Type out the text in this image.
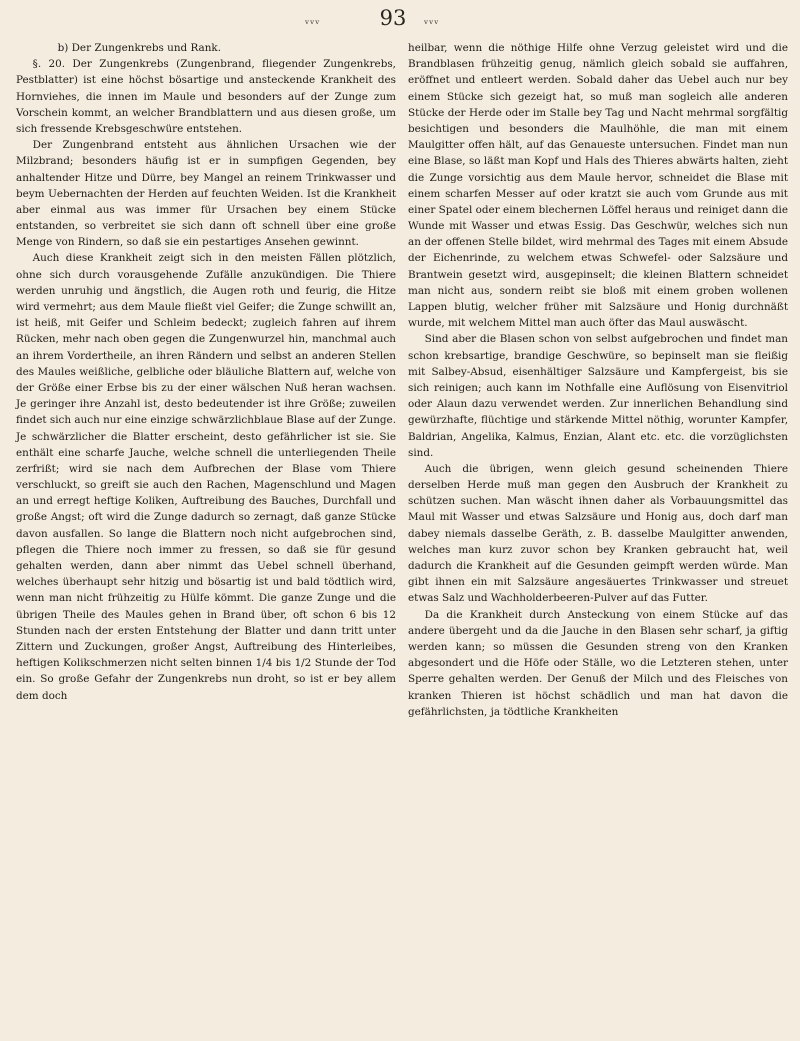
ᵥᵥᵥ	93	ᵥᵥᵥ

b) Der Zungenkrebs und Rank.

§. 20. Der Zungenkrebs (Zungenbrand, fliegender Zungenkrebs, Pestblatter) ist eine höchst bösartige und ansteckende Krankheit des Hornviehes, die innen im Maule und besonders auf der Zunge zum Vorschein kommt, an welcher Brandblattern und aus diesen große, um sich fressende Krebsgeschwüre entstehen.

Der Zungenbrand entsteht aus ähnlichen Ursachen wie der Milzbrand; besonders häufig ist er in sumpfigen Gegenden, bey anhaltender Hitze und Dürre, bey Mangel an reinem Trinkwasser und beym Uebernachten der Herden auf feuchten Weiden. Ist die Krankheit aber einmal aus was immer für Ursachen bey einem Stücke entstanden, so verbreitet sie sich dann oft schnell über eine große Menge von Rindern, so daß sie ein pestartiges Ansehen gewinnt.

Auch diese Krankheit zeigt sich in den meisten Fällen plötzlich, ohne sich durch vorausgehende Zufälle anzukündigen. Die Thiere werden unruhig und ängstlich, die Augen roth und feurig, die Hitze wird vermehrt; aus dem Maule fließt viel Geifer; die Zunge schwillt an, ist heiß, mit Geifer und Schleim bedeckt; zugleich fahren auf ihrem Rücken, mehr nach oben gegen die Zungenwurzel hin, manchmal auch an ihrem Vordertheile, an ihren Rändern und selbst an anderen Stellen des Maules weißliche, gelbliche oder bläuliche Blattern auf, welche von der Größe einer Erbse bis zu der einer wälschen Nuß heran wachsen. Je geringer ihre Anzahl ist, desto bedeutender ist ihre Größe; zuweilen findet sich auch nur eine einzige schwärzlichblaue Blase auf der Zunge. Je schwärzlicher die Blatter erscheint, desto gefährlicher ist sie. Sie enthält eine scharfe Jauche, welche schnell die unterliegenden Theile zerfrißt; wird sie nach dem Aufbrechen der Blase vom Thiere verschluckt, so greift sie auch den Rachen, Magenschlund und Magen an und erregt heftige Koliken, Auftreibung des Bauches, Durchfall und große Angst; oft wird die Zunge dadurch so zernagt, daß ganze Stücke davon ausfallen. So lange die Blattern noch nicht aufgebrochen sind, pflegen die Thiere noch immer zu fressen, so daß sie für gesund gehalten werden, dann aber nimmt das Uebel schnell überhand, welches überhaupt sehr hitzig und bösartig ist und bald tödtlich wird, wenn man nicht frühzeitig zu Hülfe kömmt. Die ganze Zunge und die übrigen Theile des Maules gehen in Brand über, oft schon 6 bis 12 Stunden nach der ersten Entstehung der Blatter und dann tritt unter Zittern und Zuckungen, großer Angst, Auftreibung des Hinterleibes, heftigen Kolikschmerzen nicht selten binnen 1/4 bis 1/2 Stunde der Tod ein. So große Gefahr der Zungenkrebs nun droht, so ist er bey allem dem doch

heilbar, wenn die nöthige Hilfe ohne Verzug geleistet wird und die Brandblasen frühzeitig genug, nämlich gleich sobald sie auffahren, eröffnet und entleert werden. Sobald daher das Uebel auch nur bey einem Stücke sich gezeigt hat, so muß man sogleich alle anderen Stücke der Herde oder im Stalle bey Tag und Nacht mehrmal sorgfältig besichtigen und besonders die Maulhöhle, die man mit einem Maulgitter offen hält, auf das Genaueste untersuchen. Findet man nun eine Blase, so läßt man Kopf und Hals des Thieres abwärts halten, zieht die Zunge vorsichtig aus dem Maule hervor, schneidet die Blase mit einem scharfen Messer auf oder kratzt sie auch vom Grunde aus mit einer Spatel oder einem blechernen Löffel heraus und reiniget dann die Wunde mit Wasser und etwas Essig. Das Geschwür, welches sich nun an der offenen Stelle bildet, wird mehrmal des Tages mit einem Absude der Eichenrinde, zu welchem etwas Schwefel- oder Salzsäure und Brantwein gesetzt wird, ausgepinselt; die kleinen Blattern schneidet man nicht aus, sondern reibt sie bloß mit einem groben wollenen Lappen blutig, welcher früher mit Salzsäure und Honig durchnäßt wurde, mit welchem Mittel man auch öfter das Maul auswäscht.

Sind aber die Blasen schon von selbst aufgebrochen und findet man schon krebsartige, brandige Geschwüre, so bepinselt man sie fleißig mit Salbey-Absud, eisenhältiger Salzsäure und Kampfergeist, bis sie sich reinigen; auch kann im Nothfalle eine Auflösung von Eisenvitriol oder Alaun dazu verwendet werden. Zur innerlichen Behandlung sind gewürzhafte, flüchtige und stärkende Mittel nöthig, worunter Kampfer, Baldrian, Angelika, Kalmus, Enzian, Alant etc. etc. die vorzüglichsten sind.

Auch die übrigen, wenn gleich gesund scheinenden Thiere derselben Herde muß man gegen den Ausbruch der Krankheit zu schützen suchen. Man wäscht ihnen daher als Vorbauungsmittel das Maul mit Wasser und etwas Salzsäure und Honig aus, doch darf man dabey niemals dasselbe Geräth, z. B. dasselbe Maulgitter anwenden, welches man kurz zuvor schon bey Kranken gebraucht hat, weil dadurch die Krankheit auf die Gesunden geimpft werden würde. Man gibt ihnen ein mit Salzsäure angesäuertes Trinkwasser und streuet etwas Salz und Wachholderbeeren-Pulver auf das Futter.

Da die Krankheit durch Ansteckung von einem Stücke auf das andere übergeht und da die Jauche in den Blasen sehr scharf, ja giftig werden kann; so müssen die Gesunden streng von den Kranken abgesondert und die Höfe oder Ställe, wo die Letzteren stehen, unter Sperre gehalten werden. Der Genuß der Milch und des Fleisches von kranken Thieren ist höchst schädlich und man hat davon die gefährlichsten, ja tödtliche Krankheiten
